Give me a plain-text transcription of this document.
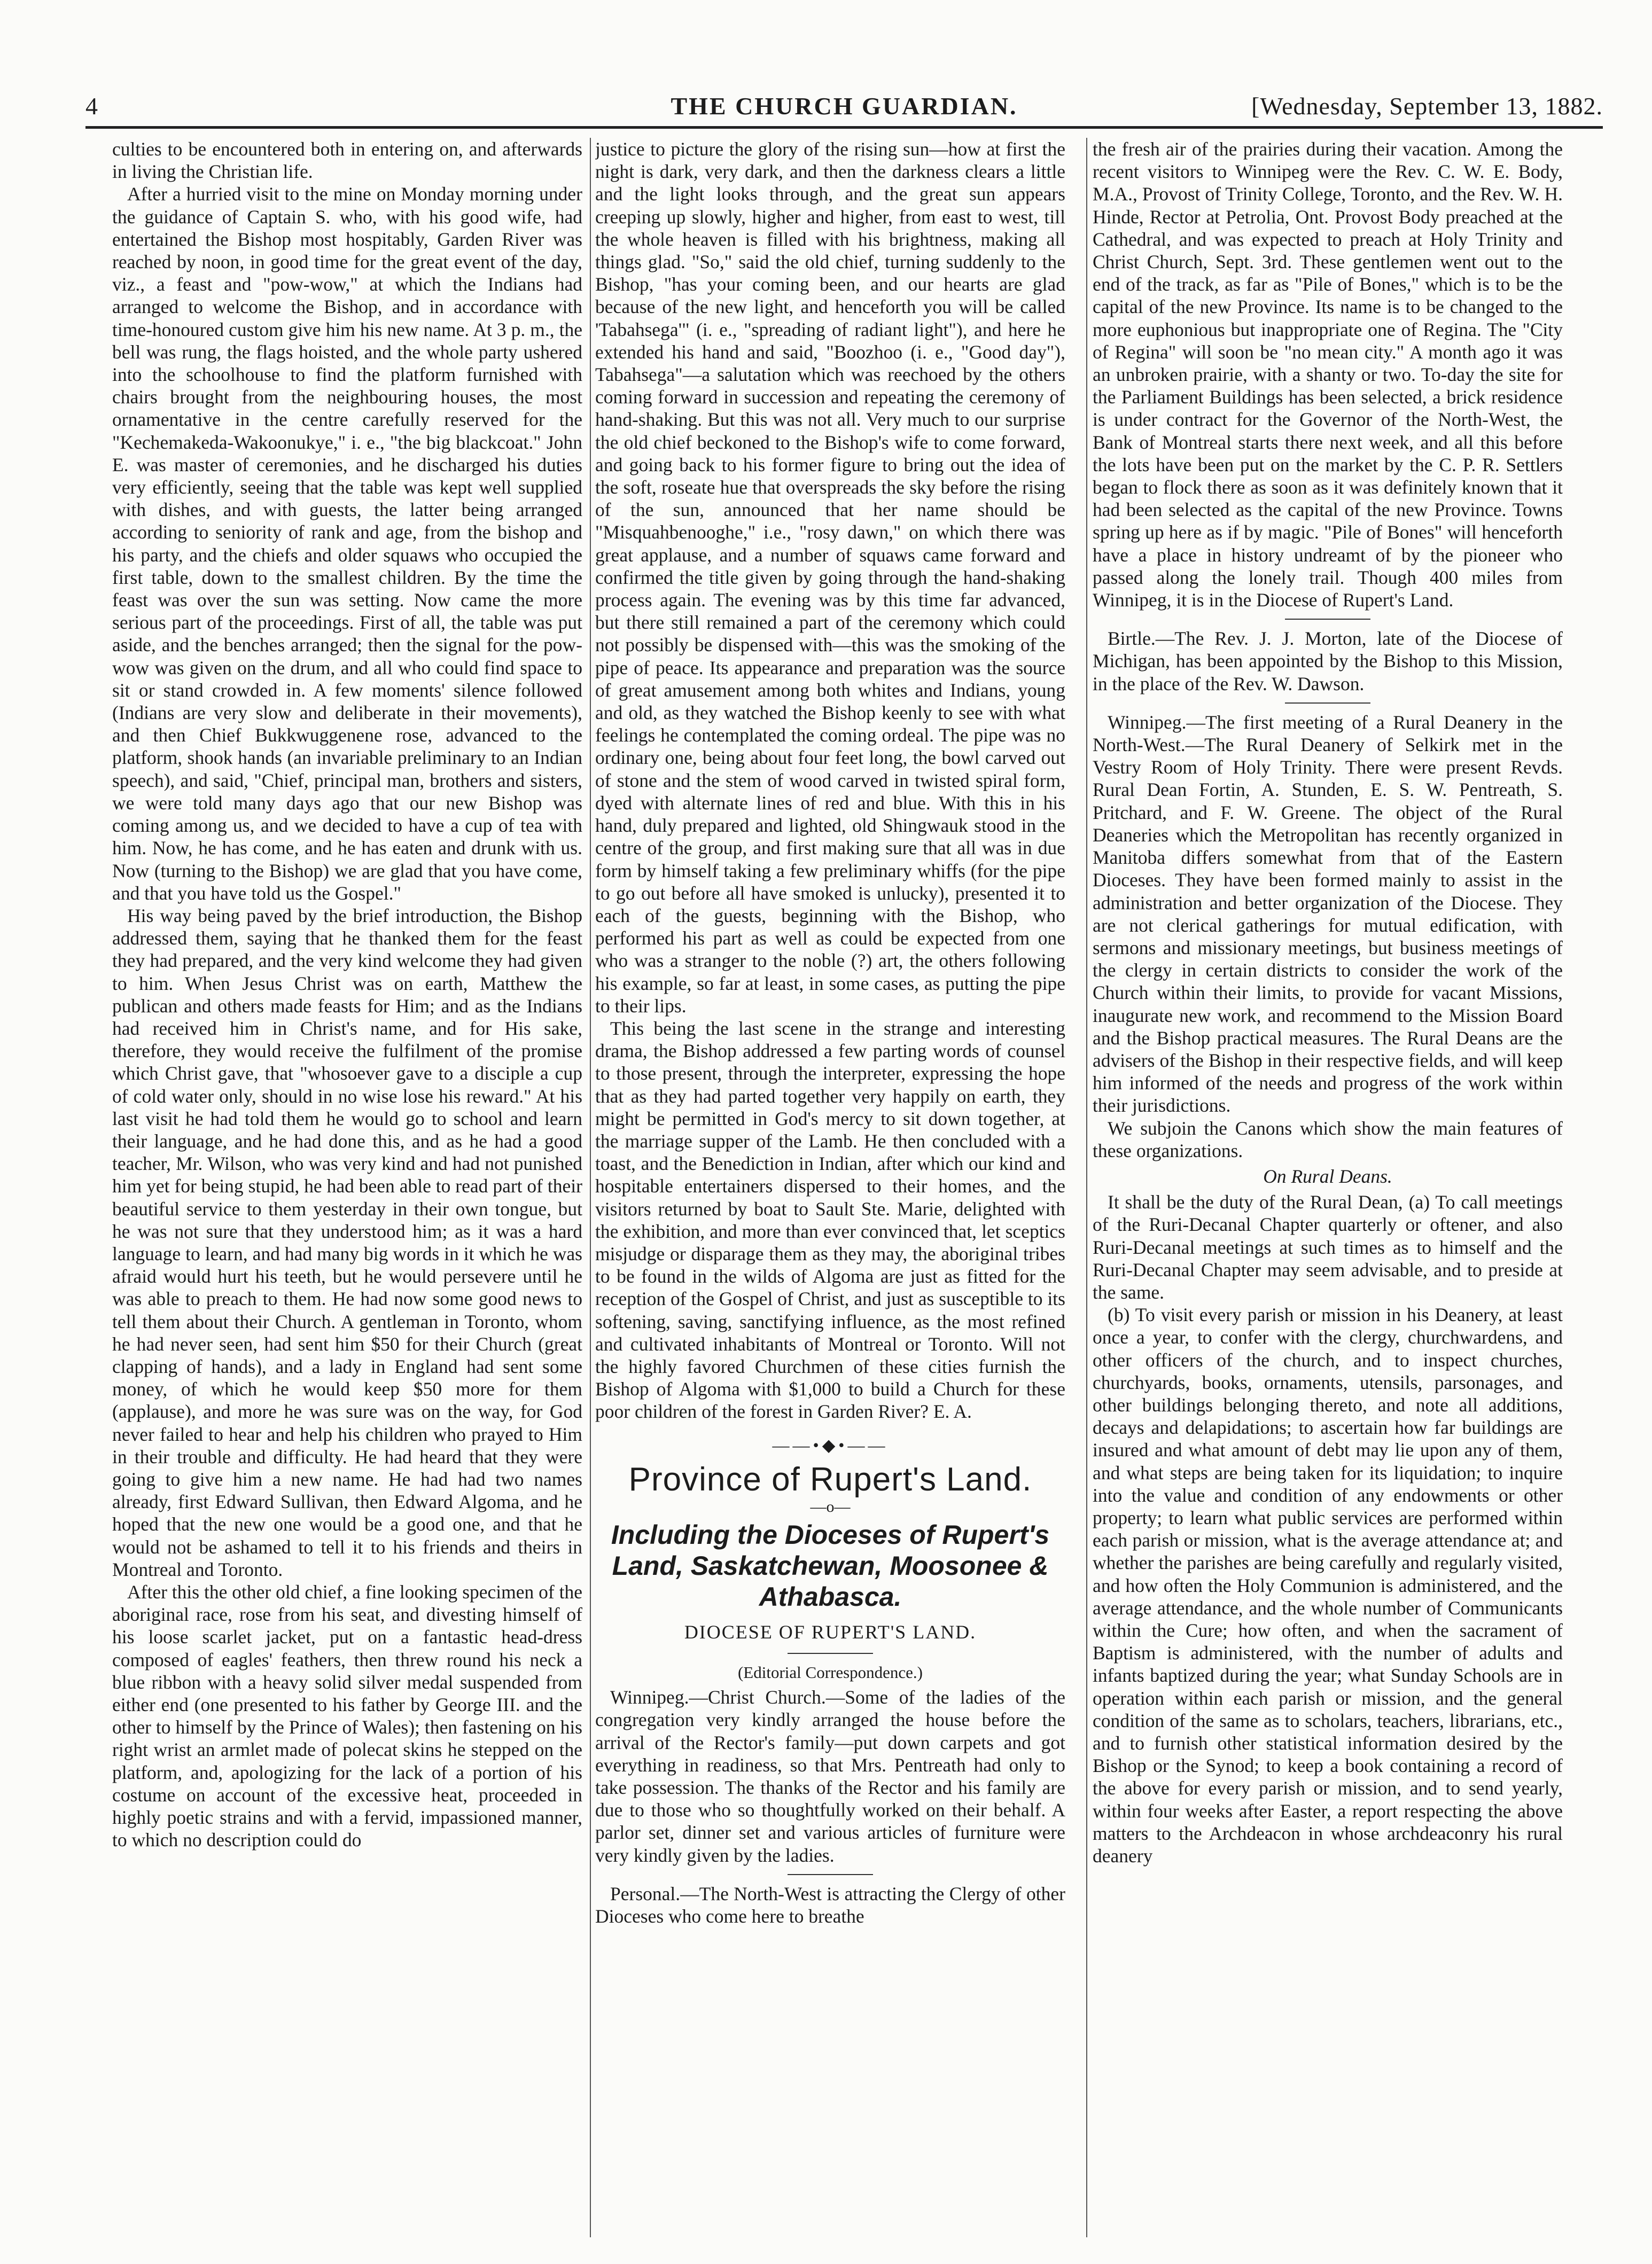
4	THE CHURCH GUARDIAN.	[Wednesday, September 13, 1882.

culties to be encountered both in entering on, and afterwards in living the Christian life.

After a hurried visit to the mine on Monday morning under the guidance of Captain S. who, with his good wife, had entertained the Bishop most hospitably, Garden River was reached by noon, in good time for the great event of the day, viz., a feast and "pow-wow," at which the Indians had arranged to welcome the Bishop, and in accordance with time-honoured custom give him his new name. At 3 p. m., the bell was rung, the flags hoisted, and the whole party ushered into the schoolhouse to find the platform furnished with chairs brought from the neighbouring houses, the most ornamentative in the centre carefully reserved for the "Kechemakeda-Wakoonukye," i. e., "the big blackcoat." John E. was master of ceremonies, and he discharged his duties very efficiently, seeing that the table was kept well supplied with dishes, and with guests, the latter being arranged according to seniority of rank and age, from the bishop and his party, and the chiefs and older squaws who occupied the first table, down to the smallest children. By the time the feast was over the sun was setting. Now came the more serious part of the proceedings. First of all, the table was put aside, and the benches arranged; then the signal for the pow-wow was given on the drum, and all who could find space to sit or stand crowded in. A few moments' silence followed (Indians are very slow and deliberate in their movements), and then Chief Bukkwuggenene rose, advanced to the platform, shook hands (an invariable preliminary to an Indian speech), and said, "Chief, principal man, brothers and sisters, we were told many days ago that our new Bishop was coming among us, and we decided to have a cup of tea with him. Now, he has come, and he has eaten and drunk with us. Now (turning to the Bishop) we are glad that you have come, and that you have told us the Gospel."

His way being paved by the brief introduction, the Bishop addressed them, saying that he thanked them for the feast they had prepared, and the very kind welcome they had given to him. When Jesus Christ was on earth, Matthew the publican and others made feasts for Him; and as the Indians had received him in Christ's name, and for His sake, therefore, they would receive the fulfilment of the promise which Christ gave, that "whosoever gave to a disciple a cup of cold water only, should in no wise lose his reward." At his last visit he had told them he would go to school and learn their language, and he had done this, and as he had a good teacher, Mr. Wilson, who was very kind and had not punished him yet for being stupid, he had been able to read part of their beautiful service to them yesterday in their own tongue, but he was not sure that they understood him; as it was a hard language to learn, and had many big words in it which he was afraid would hurt his teeth, but he would persevere until he was able to preach to them. He had now some good news to tell them about their Church. A gentleman in Toronto, whom he had never seen, had sent him $50 for their Church (great clapping of hands), and a lady in England had sent some money, of which he would keep $50 more for them (applause), and more he was sure was on the way, for God never failed to hear and help his children who prayed to Him in their trouble and difficulty. He had heard that they were going to give him a new name. He had had two names already, first Edward Sullivan, then Edward Algoma, and he hoped that the new one would be a good one, and that he would not be ashamed to tell it to his friends and theirs in Montreal and Toronto.

After this the other old chief, a fine looking specimen of the aboriginal race, rose from his seat, and divesting himself of his loose scarlet jacket, put on a fantastic head-dress composed of eagles' feathers, then threw round his neck a blue ribbon with a heavy solid silver medal suspended from either end (one presented to his father by George III. and the other to himself by the Prince of Wales); then fastening on his right wrist an armlet made of polecat skins he stepped on the platform, and, apologizing for the lack of a portion of his costume on account of the excessive heat, proceeded in highly poetic strains and with a fervid, impassioned manner, to which no description could do

justice to picture the glory of the rising sun—how at first the night is dark, very dark, and then the darkness clears a little and the light looks through, and the great sun appears creeping up slowly, higher and higher, from east to west, till the whole heaven is filled with his brightness, making all things glad. "So," said the old chief, turning suddenly to the Bishop, "has your coming been, and our hearts are glad because of the new light, and henceforth you will be called 'Tabahsega'" (i. e., "spreading of radiant light"), and here he extended his hand and said, "Boozhoo (i. e., "Good day"), Tabahsega"—a salutation which was reechoed by the others coming forward in succession and repeating the ceremony of hand-shaking. But this was not all. Very much to our surprise the old chief beckoned to the Bishop's wife to come forward, and going back to his former figure to bring out the idea of the soft, roseate hue that overspreads the sky before the rising of the sun, announced that her name should be "Misquahbenooghe," i.e., "rosy dawn," on which there was great applause, and a number of squaws came forward and confirmed the title given by going through the hand-shaking process again. The evening was by this time far advanced, but there still remained a part of the ceremony which could not possibly be dispensed with—this was the smoking of the pipe of peace. Its appearance and preparation was the source of great amusement among both whites and Indians, young and old, as they watched the Bishop keenly to see with what feelings he contemplated the coming ordeal. The pipe was no ordinary one, being about four feet long, the bowl carved out of stone and the stem of wood carved in twisted spiral form, dyed with alternate lines of red and blue. With this in his hand, duly prepared and lighted, old Shingwauk stood in the centre of the group, and first making sure that all was in due form by himself taking a few preliminary whiffs (for the pipe to go out before all have smoked is unlucky), presented it to each of the guests, beginning with the Bishop, who performed his part as well as could be expected from one who was a stranger to the noble (?) art, the others following his example, so far at least, in some cases, as putting the pipe to their lips.

This being the last scene in the strange and interesting drama, the Bishop addressed a few parting words of counsel to those present, through the interpreter, expressing the hope that as they had parted together very happily on earth, they might be permitted in God's mercy to sit down together, at the marriage supper of the Lamb. He then concluded with a toast, and the Benediction in Indian, after which our kind and hospitable entertainers dispersed to their homes, and the visitors returned by boat to Sault Ste. Marie, delighted with the exhibition, and more than ever convinced that, let sceptics misjudge or disparage them as they may, the aboriginal tribes to be found in the wilds of Algoma are just as fitted for the reception of the Gospel of Christ, and just as susceptible to its softening, saving, sanctifying influence, as the most refined and cultivated inhabitants of Montreal or Toronto. Will not the highly favored Churchmen of these cities furnish the Bishop of Algoma with $1,000 to build a Church for these poor children of the forest in Garden River? E. A.

——•◆•——
Province of Rupert's Land.
—o—
Including the Dioceses of Rupert's Land, Saskatchewan, Moosonee & Athabasca.
DIOCESE OF RUPERT'S LAND.
(Editorial Correspondence.)

Winnipeg.—Christ Church.—Some of the ladies of the congregation very kindly arranged the house before the arrival of the Rector's family—put down carpets and got everything in readiness, so that Mrs. Pentreath had only to take possession. The thanks of the Rector and his family are due to those who so thoughtfully worked on their behalf. A parlor set, dinner set and various articles of furniture were very kindly given by the ladies.

Personal.—The North-West is attracting the Clergy of other Dioceses who come here to breathe

the fresh air of the prairies during their vacation. Among the recent visitors to Winnipeg were the Rev. C. W. E. Body, M.A., Provost of Trinity College, Toronto, and the Rev. W. H. Hinde, Rector at Petrolia, Ont. Provost Body preached at the Cathedral, and was expected to preach at Holy Trinity and Christ Church, Sept. 3rd. These gentlemen went out to the end of the track, as far as "Pile of Bones," which is to be the capital of the new Province. Its name is to be changed to the more euphonious but inappropriate one of Regina. The "City of Regina" will soon be "no mean city." A month ago it was an unbroken prairie, with a shanty or two. To-day the site for the Parliament Buildings has been selected, a brick residence is under contract for the Governor of the North-West, the Bank of Montreal starts there next week, and all this before the lots have been put on the market by the C. P. R. Settlers began to flock there as soon as it was definitely known that it had been selected as the capital of the new Province. Towns spring up here as if by magic. "Pile of Bones" will henceforth have a place in history undreamt of by the pioneer who passed along the lonely trail. Though 400 miles from Winnipeg, it is in the Diocese of Rupert's Land.

Birtle.—The Rev. J. J. Morton, late of the Diocese of Michigan, has been appointed by the Bishop to this Mission, in the place of the Rev. W. Dawson.

Winnipeg.—The first meeting of a Rural Deanery in the North-West.—The Rural Deanery of Selkirk met in the Vestry Room of Holy Trinity. There were present Revds. Rural Dean Fortin, A. Stunden, E. S. W. Pentreath, S. Pritchard, and F. W. Greene. The object of the Rural Deaneries which the Metropolitan has recently organized in Manitoba differs somewhat from that of the Eastern Dioceses. They have been formed mainly to assist in the administration and better organization of the Diocese. They are not clerical gatherings for mutual edification, with sermons and missionary meetings, but business meetings of the clergy in certain districts to consider the work of the Church within their limits, to provide for vacant Missions, inaugurate new work, and recommend to the Mission Board and the Bishop practical measures. The Rural Deans are the advisers of the Bishop in their respective fields, and will keep him informed of the needs and progress of the work within their jurisdictions.

We subjoin the Canons which show the main features of these organizations.

On Rural Deans.

It shall be the duty of the Rural Dean, (a) To call meetings of the Ruri-Decanal Chapter quarterly or oftener, and also Ruri-Decanal meetings at such times as to himself and the Ruri-Decanal Chapter may seem advisable, and to preside at the same.

(b) To visit every parish or mission in his Deanery, at least once a year, to confer with the clergy, churchwardens, and other officers of the church, and to inspect churches, churchyards, books, ornaments, utensils, parsonages, and other buildings belonging thereto, and note all additions, decays and delapidations; to ascertain how far buildings are insured and what amount of debt may lie upon any of them, and what steps are being taken for its liquidation; to inquire into the value and condition of any endowments or other property; to learn what public services are performed within each parish or mission, what is the average attendance at; and whether the parishes are being carefully and regularly visited, and how often the Holy Communion is administered, and the average attendance, and the whole number of Communicants within the Cure; how often, and when the sacrament of Baptism is administered, with the number of adults and infants baptized during the year; what Sunday Schools are in operation within each parish or mission, and the general condition of the same as to scholars, teachers, librarians, etc., and to furnish other statistical information desired by the Bishop or the Synod; to keep a book containing a record of the above for every parish or mission, and to send yearly, within four weeks after Easter, a report respecting the above matters to the Archdeacon in whose archdeaconry his rural deanery
